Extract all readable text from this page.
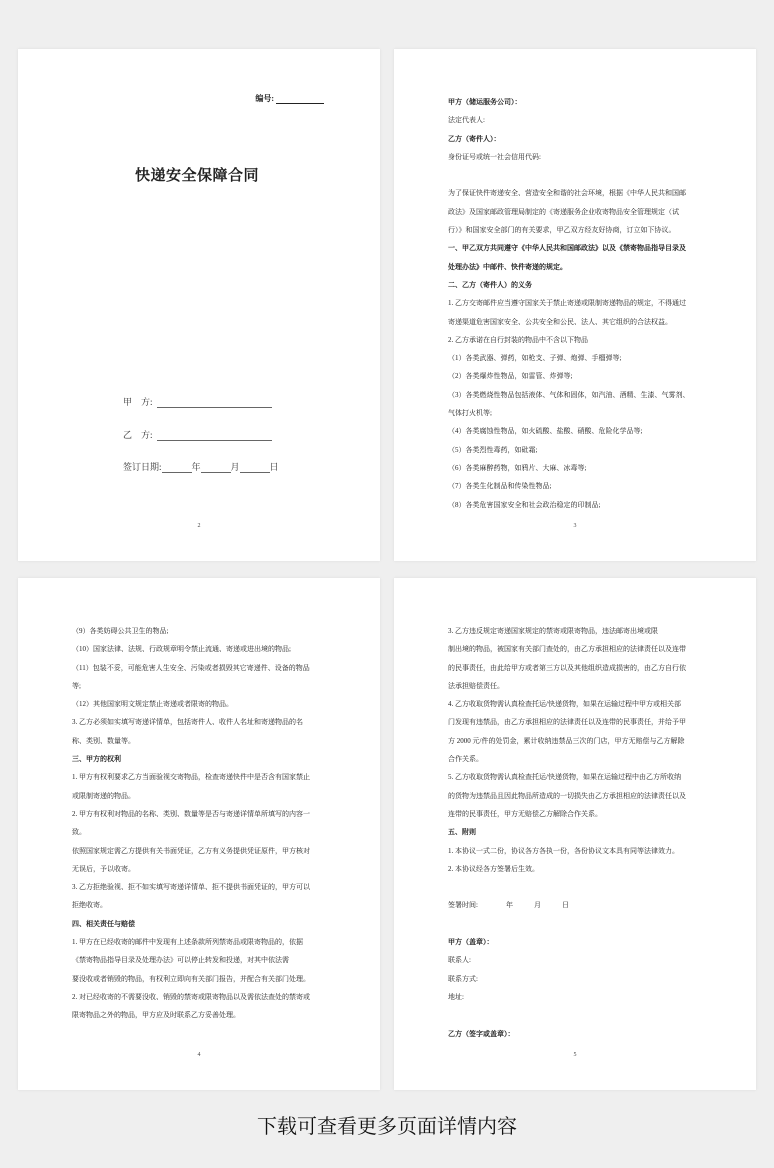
编号:
快递安全保障合同
甲　方:
乙　方:
签订日期:	年	月	日
2

甲方（储运服务公司）：

法定代表人:

乙方（寄件人）：

身份证号或统一社会信用代码:

为了保证快件寄递安全、营造安全和谐的社会环境，根据《中华人民共和国邮

政法》及国家邮政管理局制定的《寄递服务企业收寄物品安全管理规定（试

行）》和国家安全部门的有关要求，甲乙双方经友好协商，订立如下协议。

一、甲乙双方共同遵守《中华人民共和国邮政法》以及《禁寄物品指导目录及

处理办法》中邮件、快件寄递的规定。

二、乙方（寄件人）的义务

1. 乙方交寄邮件应当遵守国家关于禁止寄递或限制寄递物品的规定，不得通过

寄递渠道危害国家安全、公共安全和公民、法人、其它组织的合法权益。

2. 乙方承诺在自行封装的物品中不含以下物品

（1）各类武器、弹药，如枪支、子弹、炮弹、手榴弹等;

（2）各类爆炸性物品，如雷管、炸弹等;

（3）各类燃烧性物品包括液体、气体和固体，如汽油、酒精、生漆、气雾剂、

气体打火机等;

（4）各类腐蚀性物品，如火硫酸、盐酸、硝酸、危险化学品等;

（5）各类烈性毒药，如砒霜;

（6）各类麻醉药物，如鸦片、大麻、冰毒等;

（7）各类生化制品和传染性物品;

（8）各类危害国家安全和社会政治稳定的印制品;

3

（9）各类妨碍公共卫生的物品;

（10）国家法律、法规、行政规章明令禁止流通、寄递或进出境的物品;

（11）包装不妥，可能危害人生安全、污染或者损毁其它寄递件、设备的物品

等;

（12）其他国家明文规定禁止寄递或者限寄的物品。

3. 乙方必须如实填写寄递详情单，包括寄件人、收件人名址和寄递物品的名

称、类别、数量等。

三、甲方的权利

1. 甲方有权利要求乙方当面验视交寄物品，检查寄递快件中是否含有国家禁止

或限制寄递的物品。

2. 甲方有权利对物品的名称、类别、数量等是否与寄递详情单所填写的内容一

致。

依照国家规定需乙方提供有关书面凭证，乙方有义务提供凭证原件，甲方核对

无误后，予以收寄。

3. 乙方拒绝验视、拒不如实填写寄递详情单、拒不提供书面凭证的，甲方可以

拒绝收寄。

四、相关责任与赔偿

1. 甲方在已经收寄的邮件中发现有上述条款所列禁寄品或限寄物品的，依据

《禁寄物品指导目录及处理办法》可以停止转发和投递，对其中依法需

要没收或者销毁的物品，有权利立即向有关部门报告，并配合有关部门处理。

2. 对已经收寄的不需要没收、销毁的禁寄或限寄物品以及需依法查处的禁寄或

限寄物品之外的物品，甲方应及时联系乙方妥善处理。

4

3. 乙方违反规定寄递国家规定的禁寄或限寄物品，违法邮寄出境或限

制出境的物品，被国家有关部门查处的，由乙方承担相应的法律责任以及连带

的民事责任，由此给甲方或者第三方以及其他组织造成损害的，由乙方自行依

法承担赔偿责任。

4. 乙方收取货物需认真检查托运/快递货物，如果在运输过程中甲方或相关部

门发现有违禁品，由乙方承担相应的法律责任以及连带的民事责任，并给予甲

方 2000 元/件的处罚金，累计收纳违禁品三次的门店，甲方无赔偿与乙方解除

合作关系。

5. 乙方收取货物需认真检查托运/快递货物，如果在运输过程中由乙方所收纳

的货物为违禁品且因此物品所造成的一切损失由乙方承担相应的法律责任以及

连带的民事责任，甲方无赔偿乙方解除合作关系。

五、附则

1. 本协议一式二份，协议各方各执一份，各份协议文本具有同等法律效力。

2. 本协议经各方签署后生效。

签署时间:　　　　年　　　月　　　日

甲方（盖章）：

联系人:

联系方式:

地址:

乙方（签字或盖章）：

5
下载可查看更多页面详情内容
